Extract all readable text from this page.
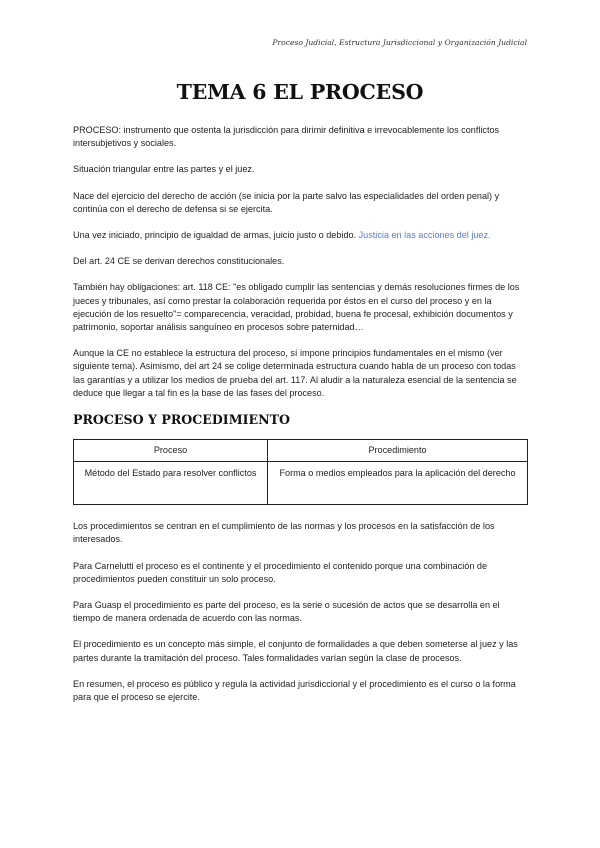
Proceso Judicial, Estructura Jurisdiccional y Organización Judicial
TEMA 6 EL PROCESO

PROCESO: instrumento que ostenta la jurisdicción para dirimir definitiva e irrevocablemente los conflictos intersubjetivos y sociales.

Situación triangular entre las partes y el juez.

Nace del ejercicio del derecho de acción (se inicia por la parte salvo las especialidades del orden penal) y continúa con el derecho de defensa si se ejercita.

Una vez iniciado, principio de igualdad de armas, juicio justo o debido. Justicia en las acciones del juez.

Del art. 24 CE se derivan derechos constitucionales.

También hay obligaciones: art. 118 CE: "es obligado cumplir las sentencias y demás resoluciones firmes de los jueces y tribunales, así como prestar la colaboración requerida por éstos en el curso del proceso y en la ejecución de los resuelto"= comparecencia, veracidad, probidad, buena fe procesal, exhibición documentos y patrimonio, soportar análisis sanguíneo en procesos sobre paternidad…

Aunque la CE no establece la estructura del proceso, sí impone principios fundamentales en el mismo (ver siguiente tema). Asimismo, del art 24 se colige determinada estructura cuando habla de un proceso con todas las garantías y a utilizar los medios de prueba del art. 117. Al aludir a la naturaleza esencial de la sentencia se deduce que llegar a tal fin es la base de las fases del proceso.

PROCESO Y PROCEDIMIENTO
Proceso	Procedimiento
Método del Estado para resolver conflictos	Forma o medios empleados para la aplicación del derecho

Los procedimientos se centran en el cumplimiento de las normas y los procesos en la satisfacción de los interesados.

Para Carnelutti el proceso es el continente y el procedimiento el contenido porque una combinación de procedimientos pueden constituir un solo proceso.

Para Guasp el procedimiento es parte del proceso, es la serie o sucesión de actos que se desarrolla en el tiempo de manera ordenada de acuerdo con las normas.

El procedimiento es un concepto más simple, el conjunto de formalidades a que deben someterse al juez y las partes durante la tramitación del proceso. Tales formalidades varían según la clase de procesos.

En resumen, el proceso es público y regula la actividad jurisdiccional y el procedimiento es el curso o la forma para que el proceso se ejercite.
